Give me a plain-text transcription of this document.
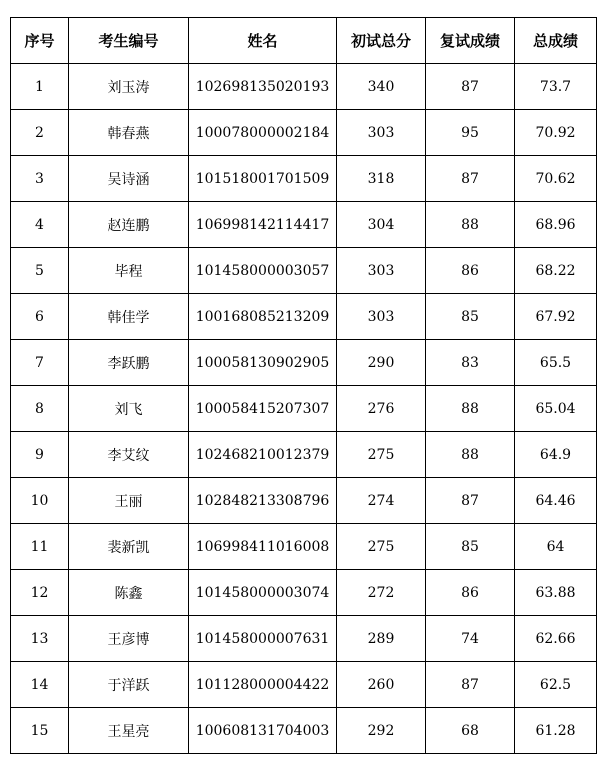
序号	考生编号	姓名	初试总分	复试成绩	总成绩
1	刘玉涛	102698135020193	340	87	73.7
2	韩春燕	100078000002184	303	95	70.92
3	吴诗涵	101518001701509	318	87	70.62
4	赵连鹏	106998142114417	304	88	68.96
5	毕程	101458000003057	303	86	68.22
6	韩佳学	100168085213209	303	85	67.92
7	李跃鹏	100058130902905	290	83	65.5
8	刘飞	100058415207307	276	88	65.04
9	李艾纹	102468210012379	275	88	64.9
10	王丽	102848213308796	274	87	64.46
11	裴新凯	106998411016008	275	85	64
12	陈鑫	101458000003074	272	86	63.88
13	王彦博	101458000007631	289	74	62.66
14	于洋跃	101128000004422	260	87	62.5
15	王星亮	100608131704003	292	68	61.28
